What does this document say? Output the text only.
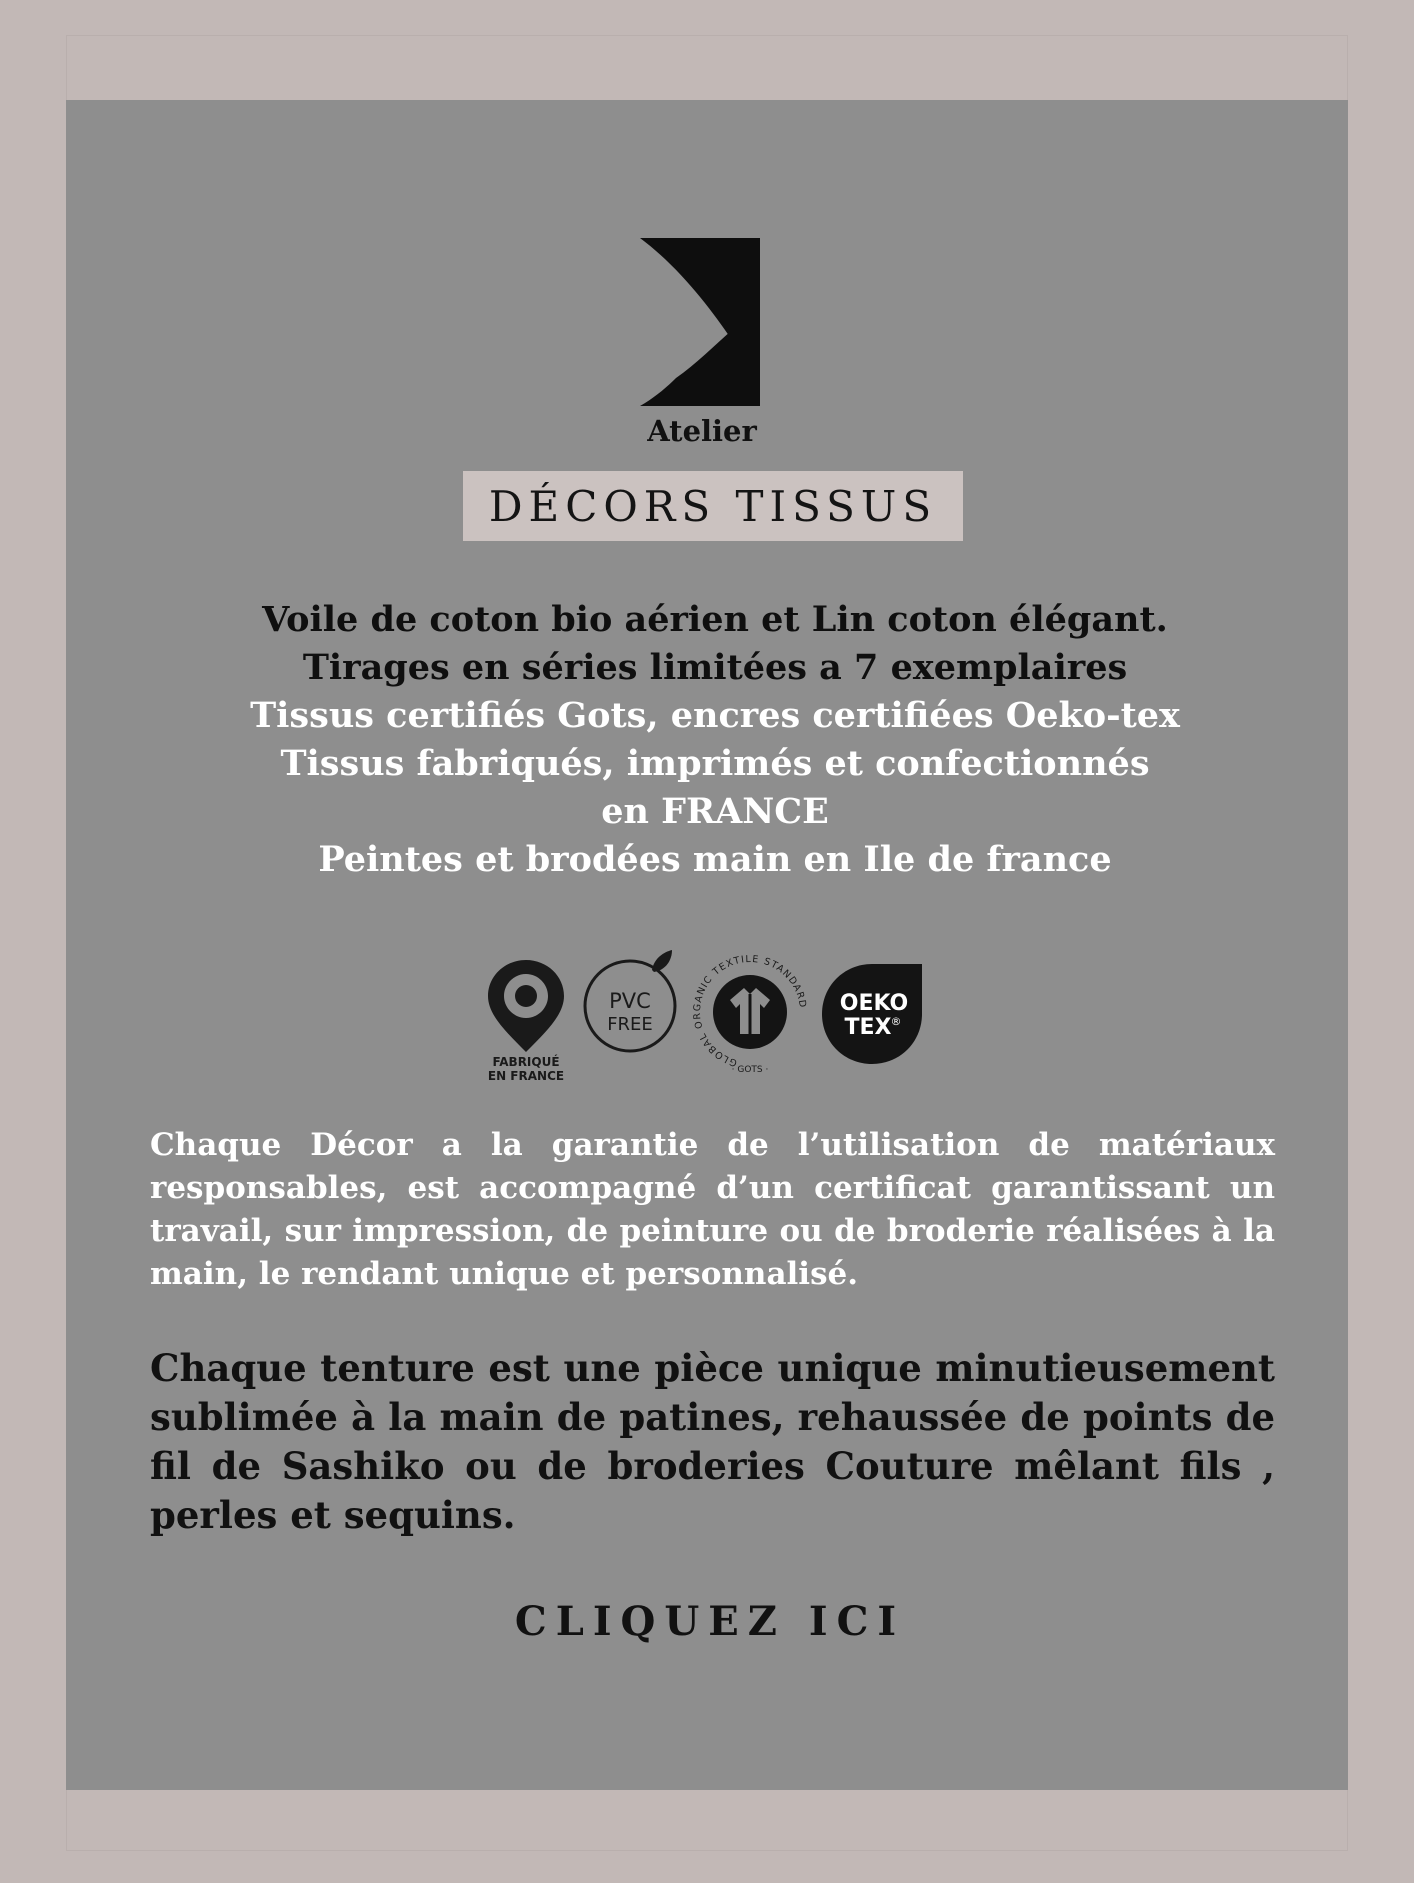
Atelier
DÉCORS TISSUS
Voile de coton bio aérien et Lin coton élégant.
Tirages en séries limitées a 7 exemplaires
Tissus certifiés Gots, encres certifiées Oeko-tex
Tissus fabriqués, imprimés et confectionnés
en FRANCE
Peintes et brodées main en Ile de france
FABRIQUÉ
EN FRANCE
PVC
FREE
GLOBAL ORGANIC TEXTILE STANDARD
· GOTS ·
OEKO
TEX ®
Chaque Décor a la garantie de l’utilisation de matériaux responsables, est accompagné d’un certificat garantissant un travail, sur impression, de peinture ou de broderie réalisées à la main, le rendant unique et personnalisé.
Chaque tenture est une pièce unique minutieusement sublimée à la main de patines, rehaussée de points de fil de Sashiko ou de broderies Couture mêlant fils , perles et sequins.
CLIQUEZ ICI
